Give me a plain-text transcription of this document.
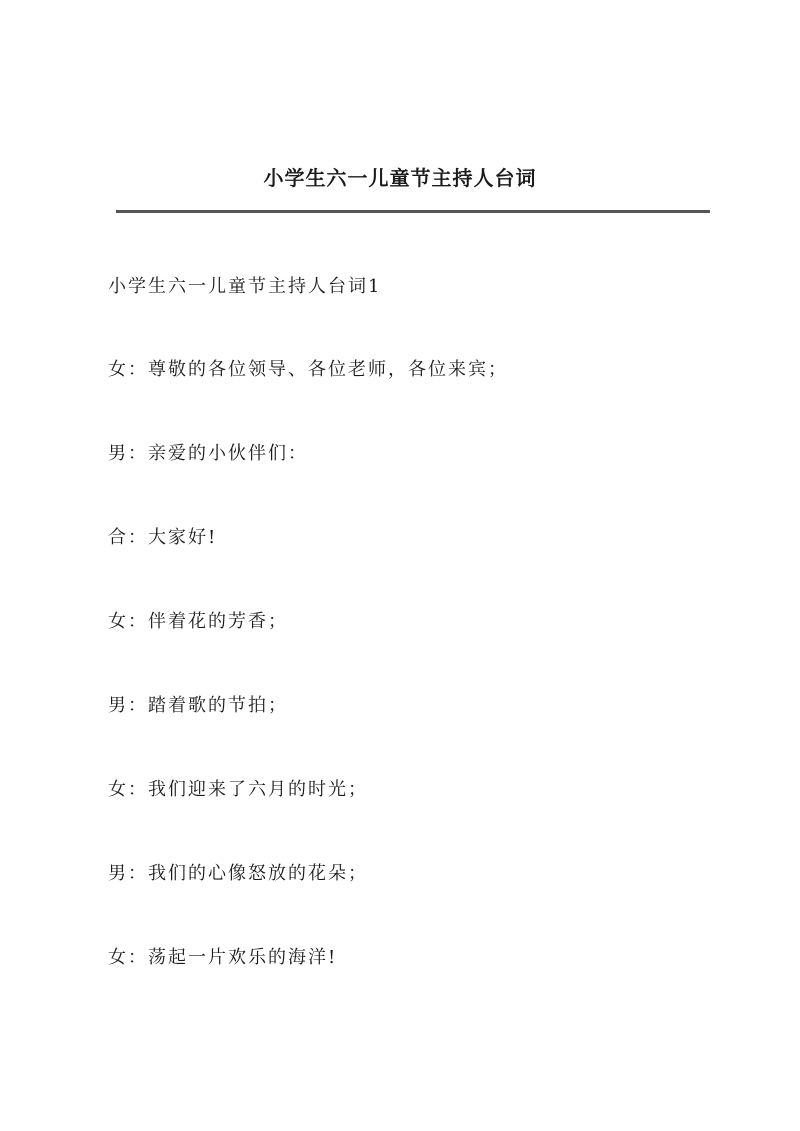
小学生六一儿童节主持人台词
小学生六一儿童节主持人台词1
女：尊敬的各位领导、各位老师，各位来宾；
男：亲爱的小伙伴们：
合：大家好!
女：伴着花的芳香；
男：踏着歌的节拍；
女：我们迎来了六月的时光；
男：我们的心像怒放的花朵；
女：荡起一片欢乐的海洋!
